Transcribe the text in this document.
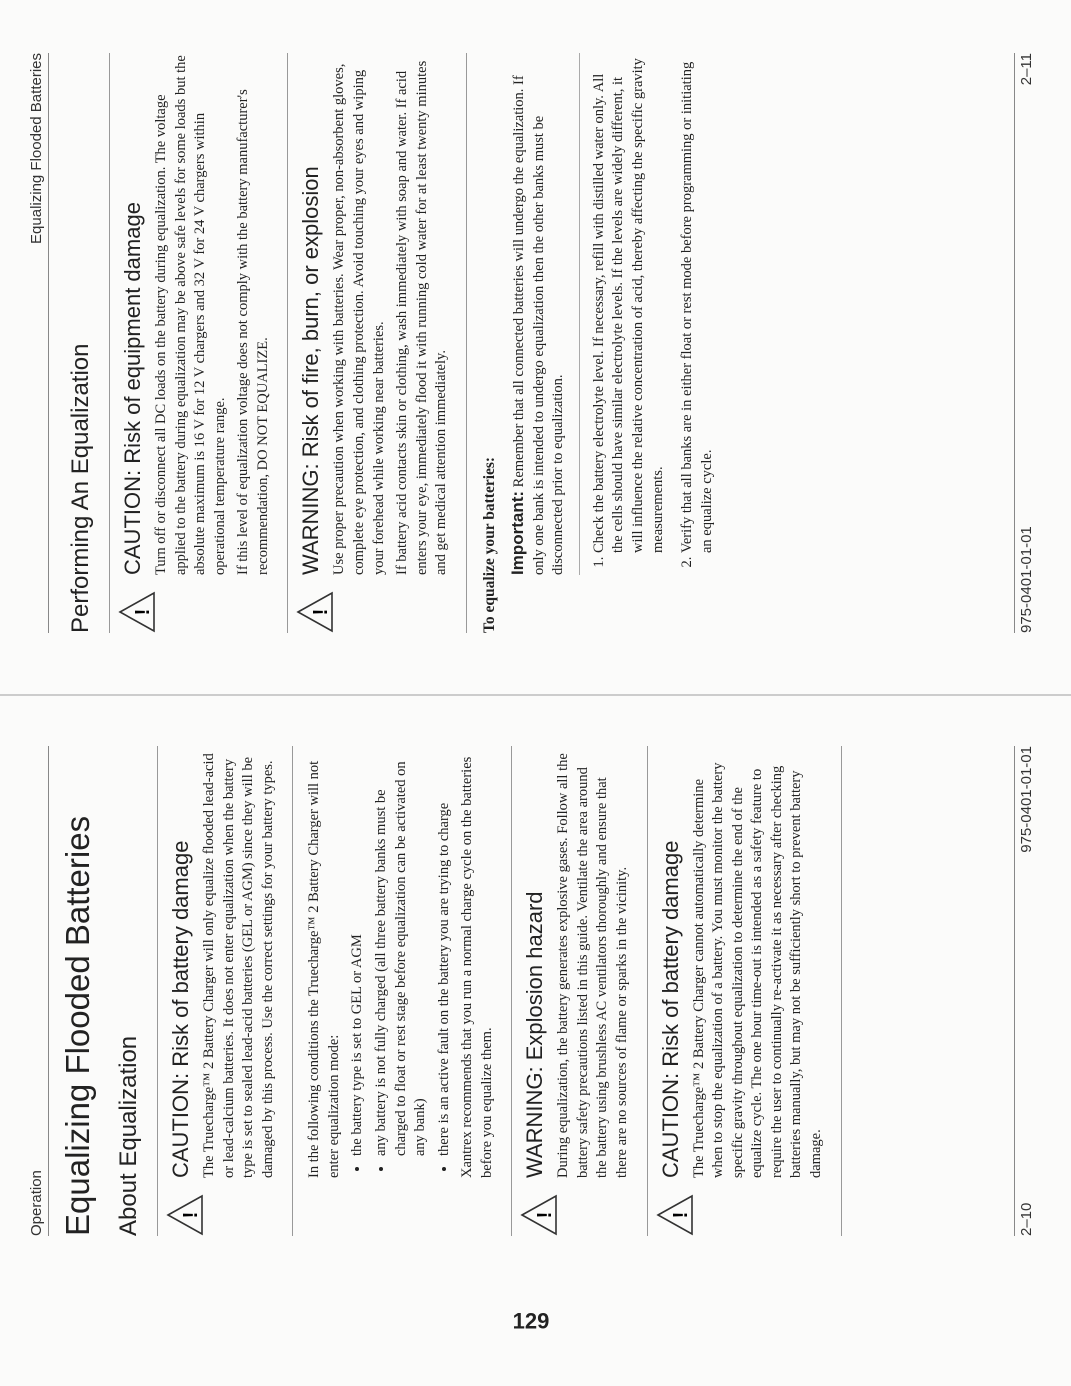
Operation Equalizing Flooded Batteries About Equalization !
CAUTION: Risk of battery damage The Truecharge™ 2 Battery Charger will only equalize flooded lead-acid or lead-calcium batteries. It does not enter equalization when the battery type is set to sealed lead-acid batteries (GEL or AGM) since they will be damaged by this process. Use the correct settings for your battery types. In the following conditions the Truecharge™ 2 Battery Charger will not enter equalization mode: • the battery type is set to GEL or AGM • any battery is not fully charged (all three battery banks must be charged to float or rest stage before equalization can be activated on any bank) • there is an active fault on the battery you are trying to charge Xantrex recommends that you run a normal charge cycle on the batteries before you equalize them.

!
WARNING: Explosion hazard During equalization, the battery generates explosive gases. Follow all the battery safety precautions listed in this guide. Ventilate the area around the battery using brushless AC ventilators thoroughly and ensure that there are no sources of flame or sparks in the vicinity.

!
CAUTION: Risk of battery damage The Truecharge™ 2 Battery Charger cannot automatically determine when to stop the equalization of a battery. You must monitor the battery specific gravity throughout equalization to determine the end of the equalize cycle. The one hour time-out is intended as a safety feature to require the user to continually re-activate it as necessary after checking batteries manually, but may not be sufficiently short to prevent battery damage.

2–10
975-0401-01-01
129
Equalizing Flooded Batteries
Performing An Equalization !
CAUTION: Risk of equipment damage Turn off or disconnect all DC loads on the battery during equalization. The voltage applied to the battery during equalization may be above safe levels for some loads but the absolute maximum is 16 V for 12 V chargers and 32 V for 24 V chargers within operational temperature range. If this level of equalization voltage does not comply with the battery manufacturer's recommendation, DO NOT EQUALIZE.

!
WARNING: Risk of fire, burn, or explosion Use proper precaution when working with batteries. Wear proper, non-absorbent gloves, complete eye protection, and clothing protection. Avoid touching your eyes and wiping your forehead while working near batteries. If battery acid contacts skin or clothing, wash immediately with soap and water. If acid enters your eye, immediately flood it with running cold water for at least twenty minutes and get medical attention immediately. To equalize your batteries: Important: Remember that all connected batteries will undergo the equalization. If only one bank is intended to undergo equalization then the other banks must be disconnected prior to equalization. 1. Check the battery electrolyte level. If necessary, refill with distilled water only. All the cells should have similar electrolyte levels. If the levels are widely different, it will influence the relative concentration of acid, thereby affecting the specific gravity measurements. 2. Verify that all banks are in either float or rest mode before programming or initiating an equalize cycle.
975-0401-01-01
2–11
